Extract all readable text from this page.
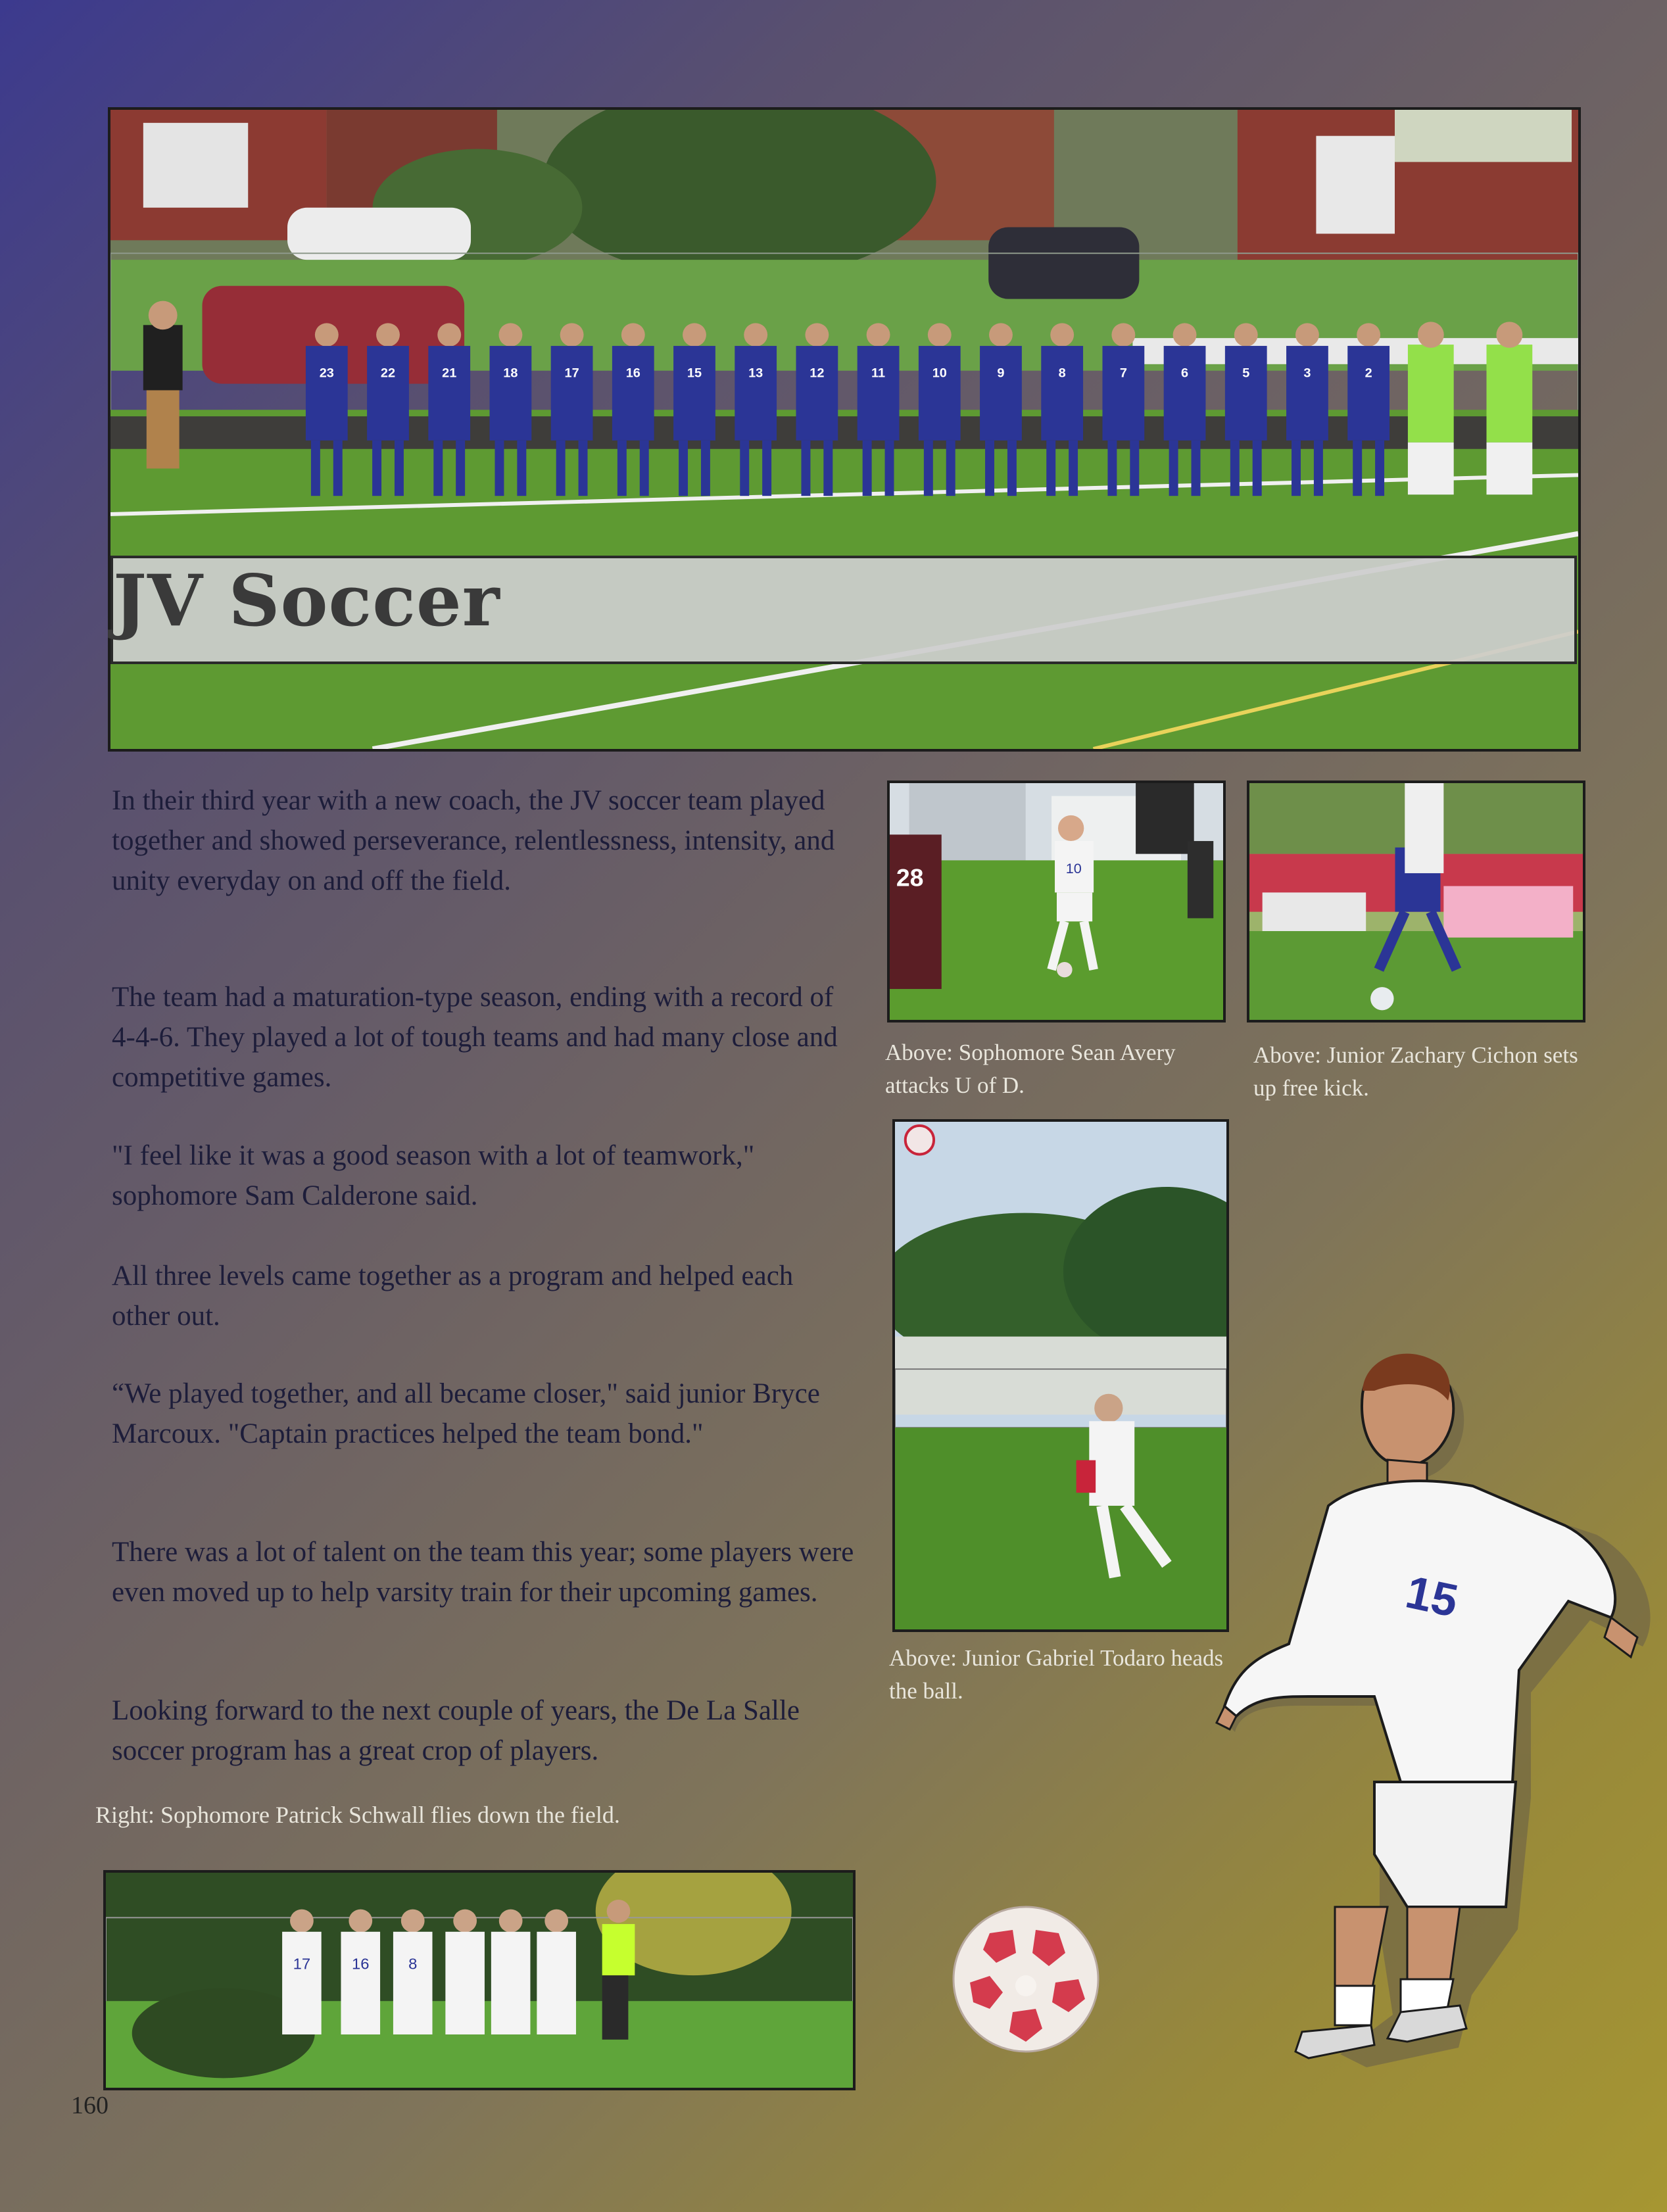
23	22	21	18	17	16	15	13	12	11	10	9	8	7	6	5	3	2
JV Soccer
In their third year with a new coach, the JV soccer team played together and showed perseverance, relentlessness, intensity, and unity everyday on and off the field.
The team had a maturation-type season, ending with a record of 4-4-6. They played a lot of tough teams and had many close and competitive games.
"I feel like it was a good season with a lot of teamwork," sophomore Sam Calderone said.
All three levels came together as a program and helped each other out.
“We played together, and all became closer," said junior Bryce Marcoux. "Captain practices helped the team bond."
There was a lot of talent on the team this year; some players were even moved up to help varsity train for their upcoming games.
Looking forward to the next couple of years, the De La Salle soccer program has a great crop of players.
Right: Sophomore Patrick Schwall flies down the field.
28	10
Above: Sophomore Sean Avery attacks U of D.
Above: Junior Zachary Cichon sets up free kick.
Above: Junior Gabriel Todaro heads the ball.
17	16 8
15
160
